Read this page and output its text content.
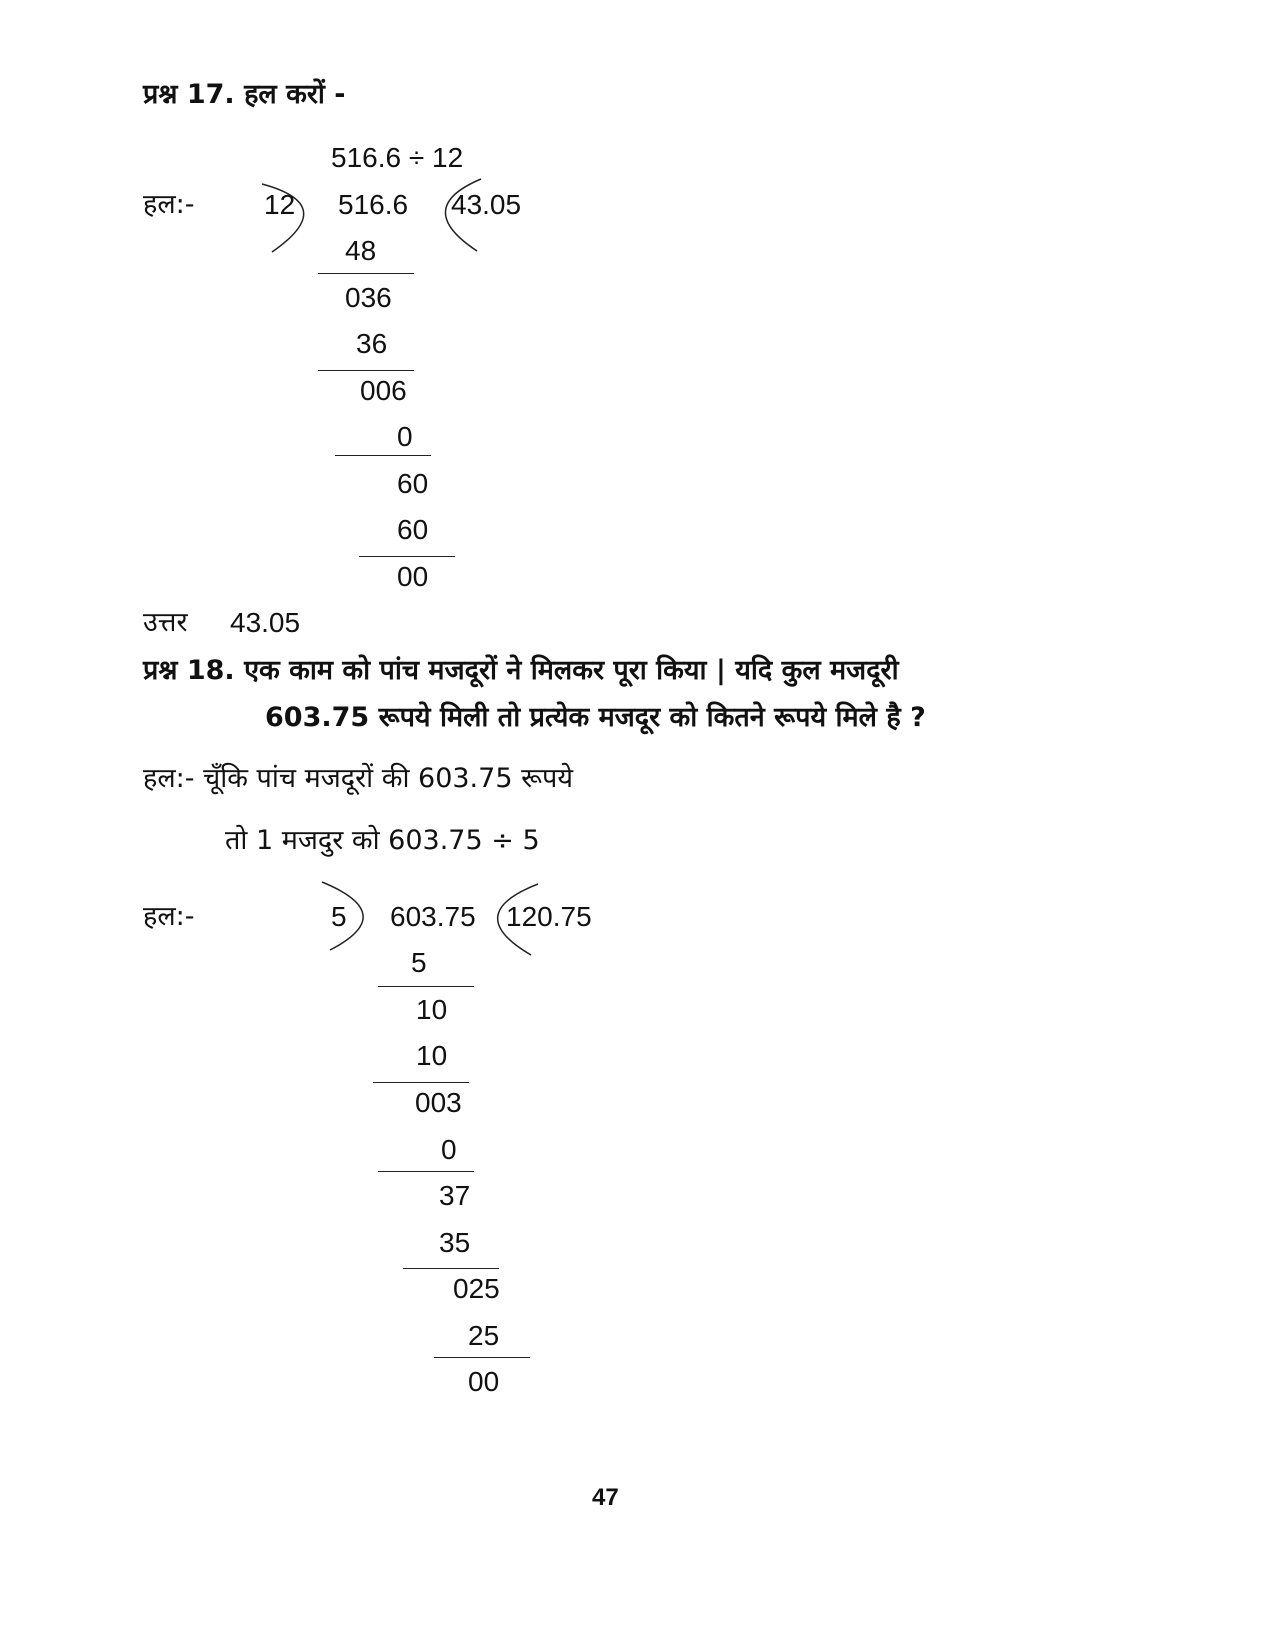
प्रश्न 17. हल करों -
516.6 ÷ 12
हल:- 12 516.6 43.05
48
036
36
006
0
60
60
00
उत्तर 43.05
प्रश्न 18. एक काम को पांच मजदूरों ने मिलकर पूरा किया | यदि कुल मजदूरी
603.75 रूपये मिली तो प्रत्येक मजदूर को कितने रूपये मिले है ?
हल:- चूँकि पांच मजदूरों की 603.75 रूपये
तो 1 मजदुर को 603.75 ÷ 5
हल:-	5 603.75 120.75
5
10
10
003
0
37
35
025
25
00
47
